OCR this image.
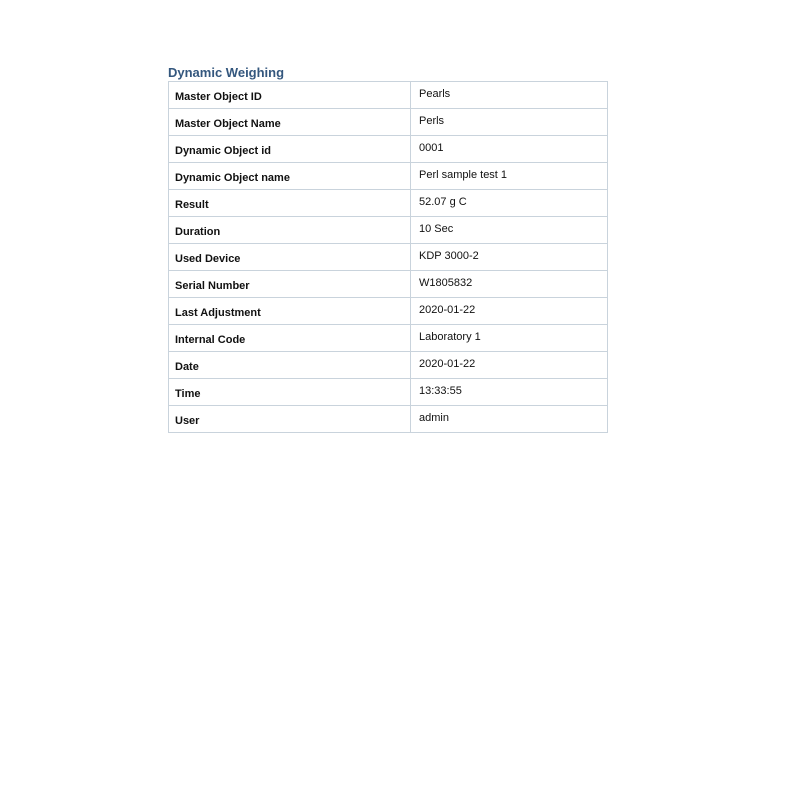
Dynamic Weighing
Master Object ID	Pearls
Master Object Name	Perls
Dynamic Object id	0001
Dynamic Object name	Perl sample test 1
Result	52.07 g C
Duration	10 Sec
Used Device	KDP 3000-2
Serial Number	W1805832
Last Adjustment	2020-01-22
Internal Code	Laboratory 1
Date	2020-01-22
Time	13:33:55
User	admin
